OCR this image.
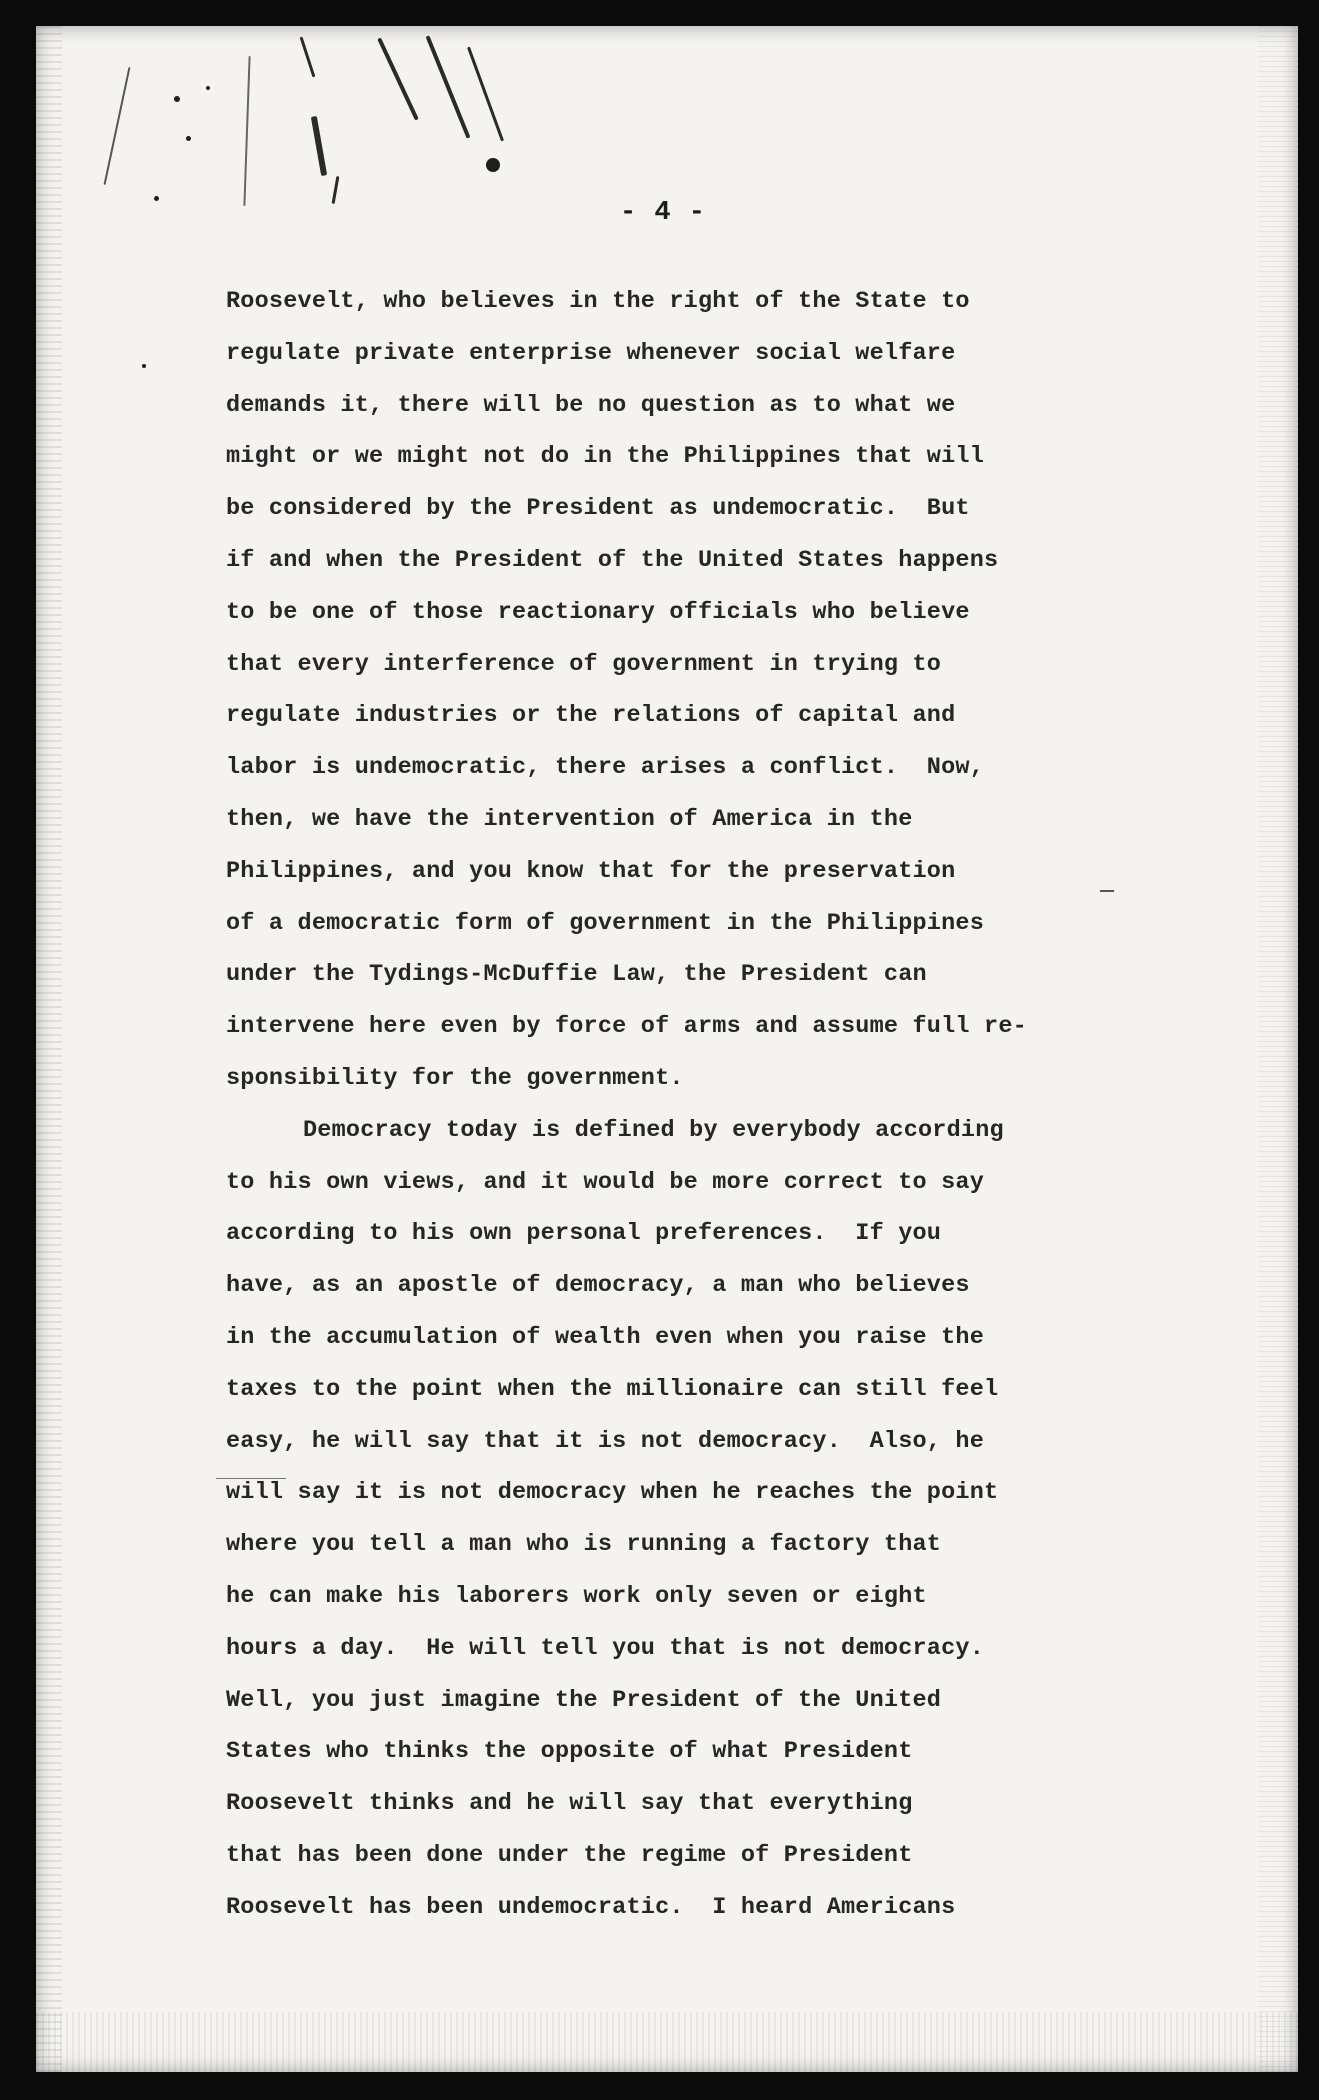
- 4 -
Roosevelt, who believes in the right of the State to
regulate private enterprise whenever social welfare
demands it, there will be no question as to what we
might or we might not do in the Philippines that will
be considered by the President as undemocratic.  But
if and when the President of the United States happens
to be one of those reactionary officials who believe
that every interference of government in trying to
regulate industries or the relations of capital and
labor is undemocratic, there arises a conflict.  Now,
then, we have the intervention of America in the
Philippines, and you know that for the preservation
of a democratic form of government in the Philippines
under the Tydings-McDuffie Law, the President can
intervene here even by force of arms and assume full re-
sponsibility for the government.
Democracy today is defined by everybody according
to his own views, and it would be more correct to say
according to his own personal preferences.  If you
have, as an apostle of democracy, a man who believes
in the accumulation of wealth even when you raise the
taxes to the point when the millionaire can still feel
easy, he will say that it is not democracy.  Also, he
will say it is not democracy when he reaches the point
where you tell a man who is running a factory that
he can make his laborers work only seven or eight
hours a day.  He will tell you that is not democracy.
Well, you just imagine the President of the United
States who thinks the opposite of what President
Roosevelt thinks and he will say that everything
that has been done under the regime of President
Roosevelt has been undemocratic.  I heard Americans
